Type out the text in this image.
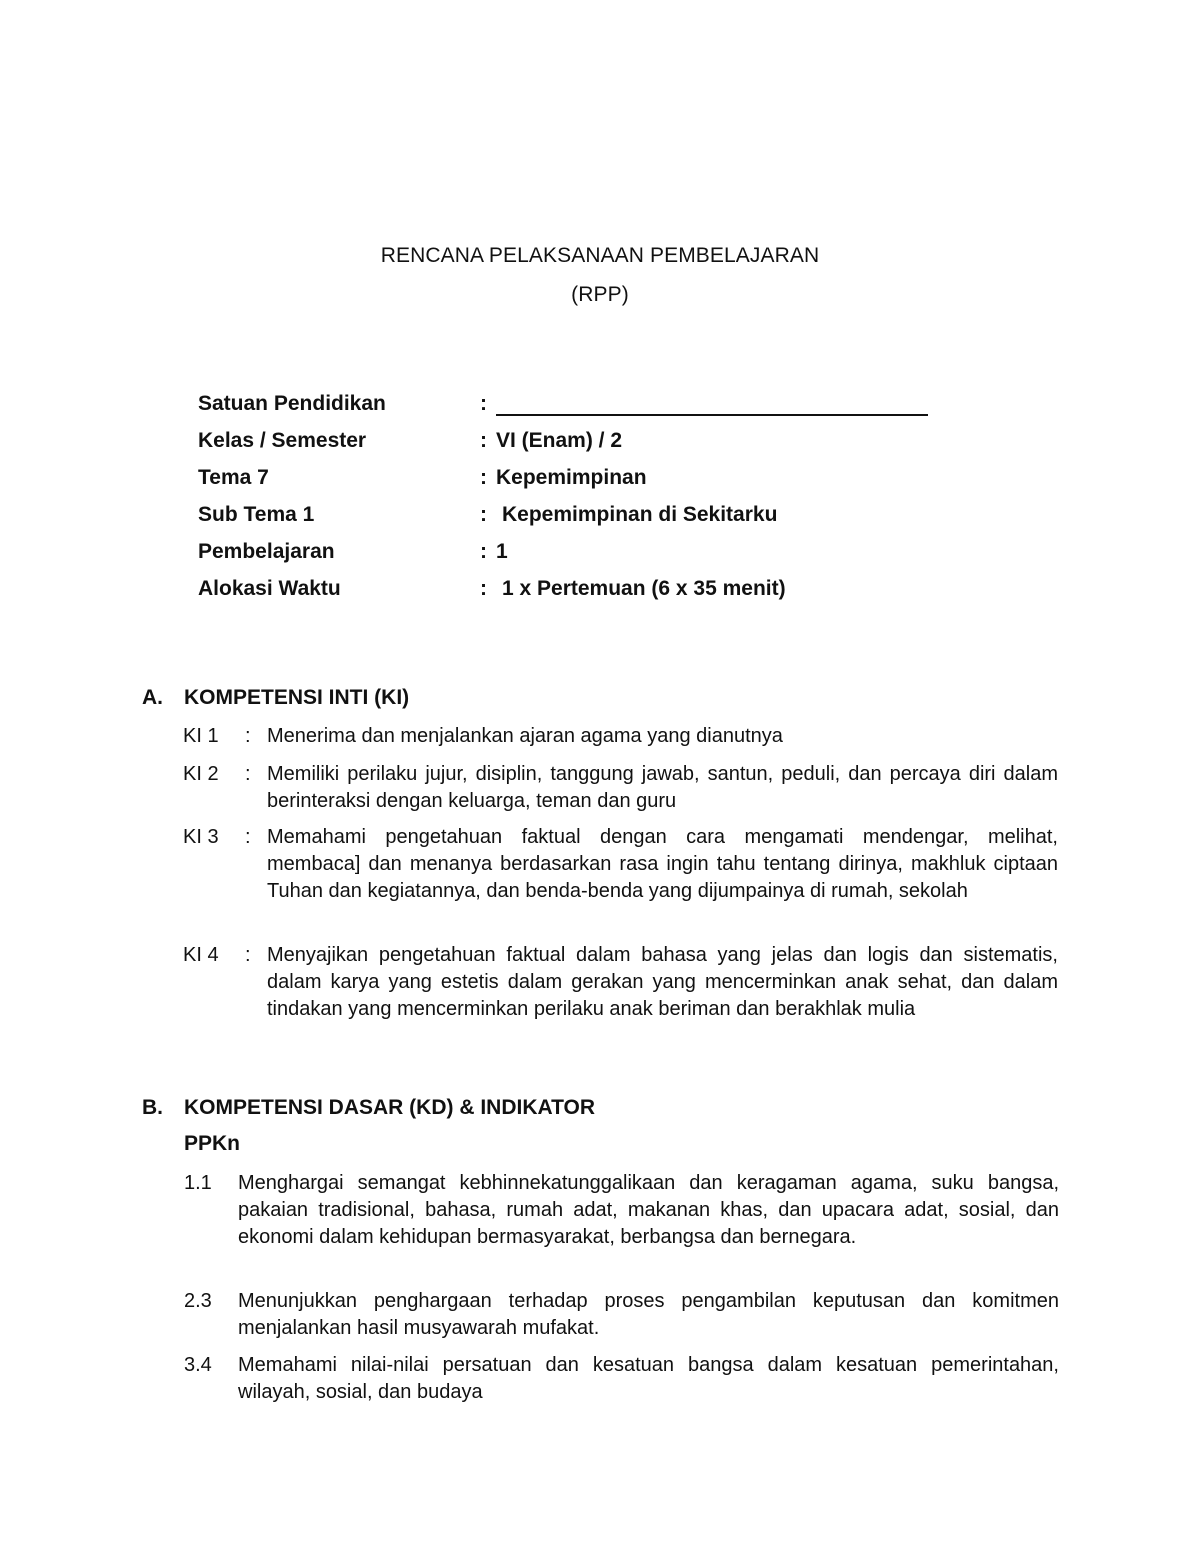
RENCANA PELAKSANAAN PEMBELAJARAN
(RPP)
Satuan Pendidikan	:
Kelas / Semester	: VI (Enam) / 2
Tema 7	: Kepemimpinan
Sub Tema 1	: Kepemimpinan di Sekitarku
Pembelajaran	: 1
Alokasi Waktu	: 1 x Pertemuan (6 x 35 menit)
A. KOMPETENSI INTI (KI)
KI 1 : Menerima dan menjalankan ajaran agama yang dianutnya
KI 2 : Memiliki perilaku jujur, disiplin, tanggung jawab, santun, peduli, dan percaya diri dalam berinteraksi dengan keluarga, teman dan guru
KI 3 : Memahami pengetahuan faktual dengan cara mengamati mendengar, melihat, membaca] dan menanya berdasarkan rasa ingin tahu tentang dirinya, makhluk ciptaan Tuhan dan kegiatannya, dan benda-benda yang dijumpainya di rumah, sekolah
KI 4 : Menyajikan pengetahuan faktual dalam bahasa yang jelas dan logis dan sistematis, dalam karya yang estetis dalam gerakan yang mencerminkan anak sehat, dan dalam tindakan yang mencerminkan perilaku anak beriman dan berakhlak mulia
B. KOMPETENSI DASAR (KD) & INDIKATOR
PPKn
1.1 Menghargai semangat kebhinnekatunggalikaan dan keragaman agama, suku bangsa, pakaian tradisional, bahasa, rumah adat, makanan khas, dan upacara adat, sosial, dan ekonomi dalam kehidupan bermasyarakat, berbangsa dan bernegara.
2.3 Menunjukkan penghargaan terhadap proses pengambilan keputusan dan komitmen menjalankan hasil musyawarah mufakat.
3.4 Memahami nilai-nilai persatuan dan kesatuan bangsa dalam kesatuan pemerintahan, wilayah, sosial, dan budaya
